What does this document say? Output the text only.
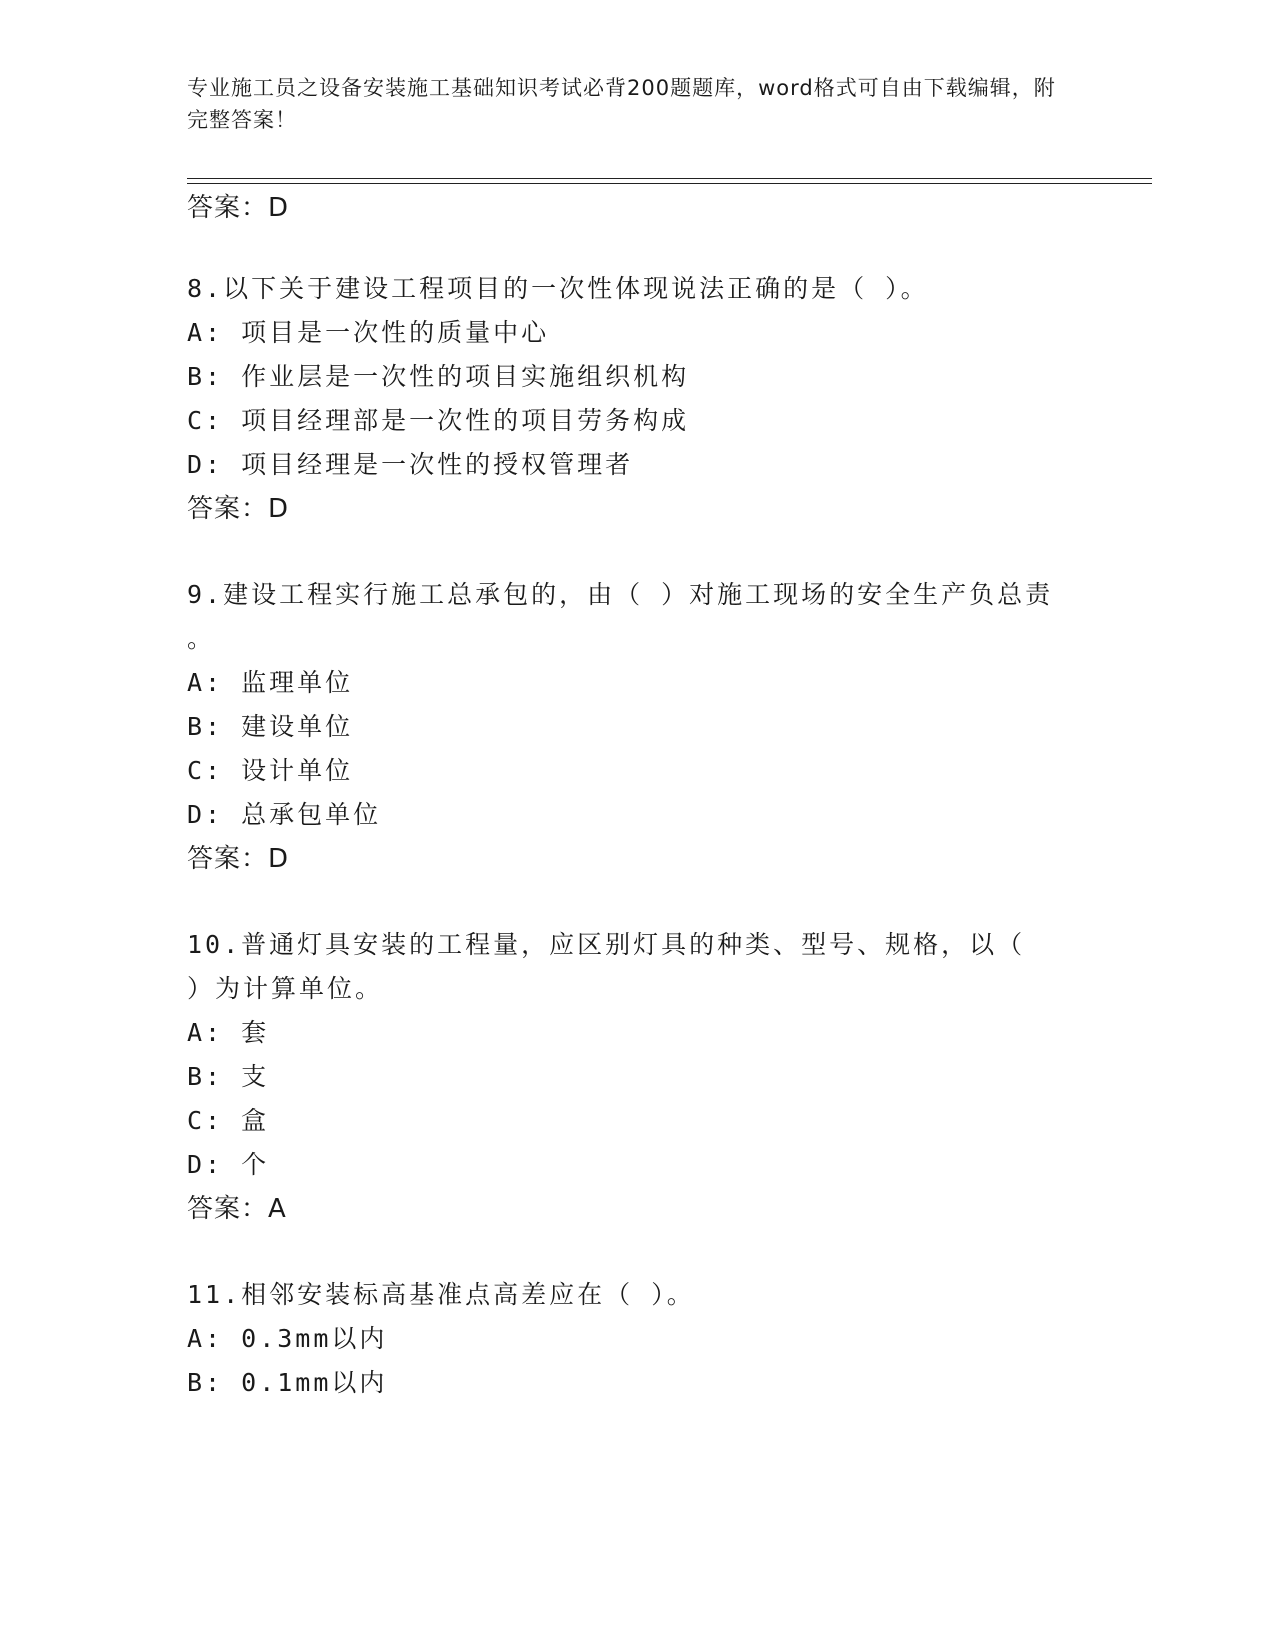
专业施工员之设备安装施工基础知识考试必背200题题库，word格式可自由下载编辑，附完整答案！
答案：D
8.以下关于建设工程项目的一次性体现说法正确的是（ ）。
A: 项目是一次性的质量中心
B: 作业层是一次性的项目实施组织机构
C: 项目经理部是一次性的项目劳务构成
D: 项目经理是一次性的授权管理者
答案：D
9.建设工程实行施工总承包的，由（ ）对施工现场的安全生产负总责
。
A: 监理单位
B: 建设单位
C: 设计单位
D: 总承包单位
答案：D
10.普通灯具安装的工程量，应区别灯具的种类、型号、规格，以（
）为计算单位。
A: 套
B: 支
C: 盒
D: 个
答案：A
11.相邻安装标高基准点高差应在（ ）。
A: 0.3mm以内
B: 0.1mm以内
